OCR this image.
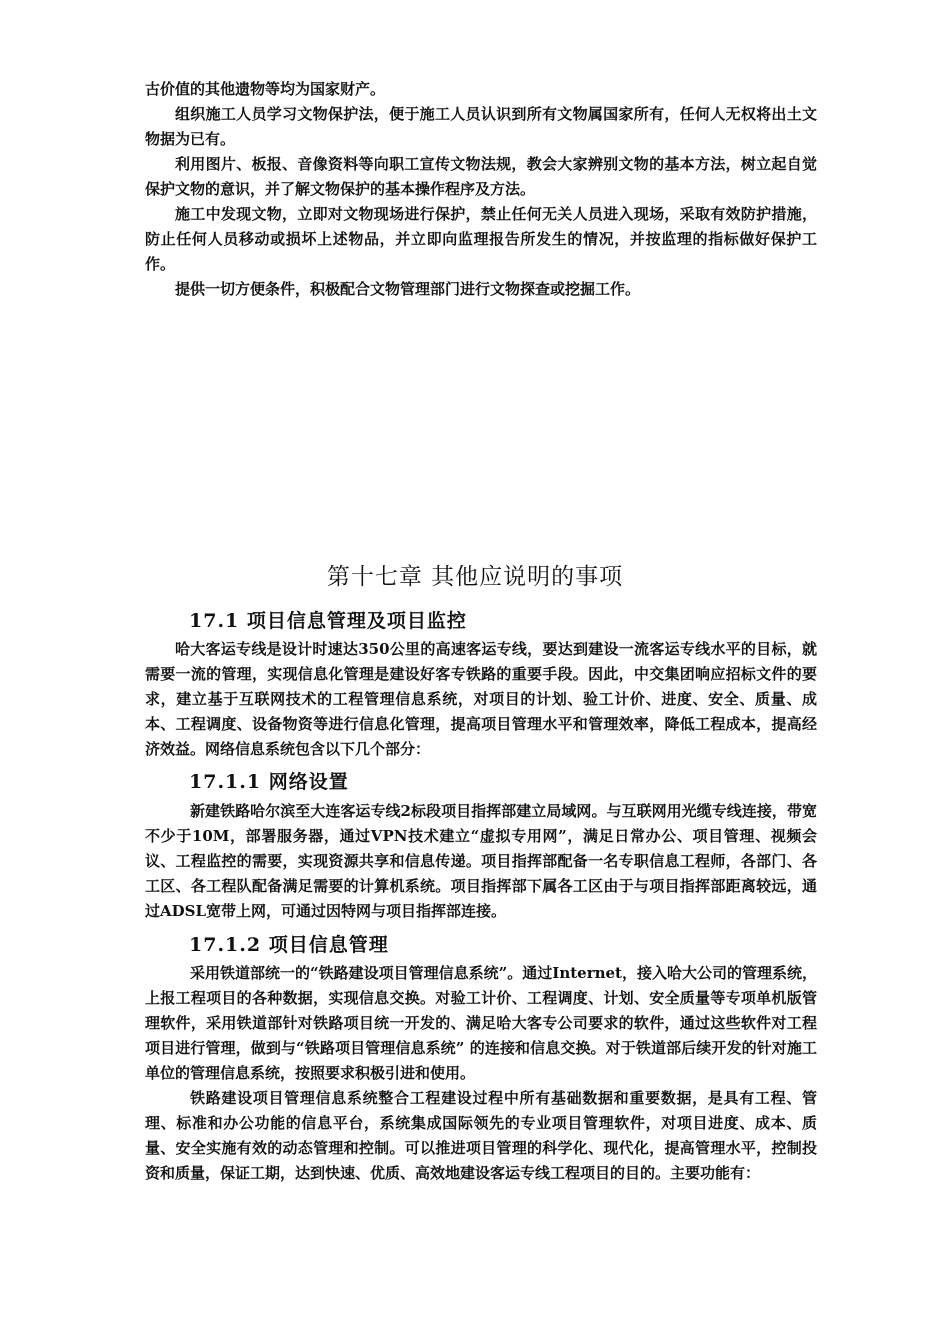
古价值的其他遗物等均为国家财产。

组织施工人员学习文物保护法，便于施工人员认识到所有文物属国家所有，任何人无权将出土文物据为已有。

利用图片、板报、音像资料等向职工宣传文物法规，教会大家辨别文物的基本方法，树立起自觉保护文物的意识，并了解文物保护的基本操作程序及方法。

施工中发现文物，立即对文物现场进行保护，禁止任何无关人员进入现场，采取有效防护措施，防止任何人员移动或损坏上述物品，并立即向监理报告所发生的情况，并按监理的指标做好保护工作。

提供一切方便条件，积极配合文物管理部门进行文物探查或挖掘工作。

第十七章 其他应说明的事项
17.1 项目信息管理及项目监控

哈大客运专线是设计时速达350公里的高速客运专线，要达到建设一流客运专线水平的目标，就需要一流的管理，实现信息化管理是建设好客专铁路的重要手段。因此，中交集团响应招标文件的要求，建立基于互联网技术的工程管理信息系统，对项目的计划、验工计价、进度、安全、质量、成本、工程调度、设备物资等进行信息化管理，提高项目管理水平和管理效率，降低工程成本，提高经济效益。网络信息系统包含以下几个部分：

17.1.1 网络设置

新建铁路哈尔滨至大连客运专线2标段项目指挥部建立局域网。与互联网用光缆专线连接，带宽不少于10M，部署服务器，通过VPN技术建立“虚拟专用网”，满足日常办公、项目管理、视频会议、工程监控的需要，实现资源共享和信息传递。项目指挥部配备一名专职信息工程师，各部门、各工区、各工程队配备满足需要的计算机系统。项目指挥部下属各工区由于与项目指挥部距离较远，通过ADSL宽带上网，可通过因特网与项目指挥部连接。

17.1.2 项目信息管理

采用铁道部统一的“铁路建设项目管理信息系统”。通过Internet，接入哈大公司的管理系统，上报工程项目的各种数据，实现信息交换。对验工计价、工程调度、计划、安全质量等专项单机版管理软件，采用铁道部针对铁路项目统一开发的、满足哈大客专公司要求的软件，通过这些软件对工程项目进行管理，做到与“铁路项目管理信息系统” 的连接和信息交换。对于铁道部后续开发的针对施工单位的管理信息系统，按照要求积极引进和使用。

铁路建设项目管理信息系统整合工程建设过程中所有基础数据和重要数据，是具有工程、管理、标准和办公功能的信息平台，系统集成国际领先的专业项目管理软件，对项目进度、成本、质量、安全实施有效的动态管理和控制。可以推进项目管理的科学化、现代化，提高管理水平，控制投资和质量，保证工期，达到快速、优质、高效地建设客运专线工程项目的目的。主要功能有：
